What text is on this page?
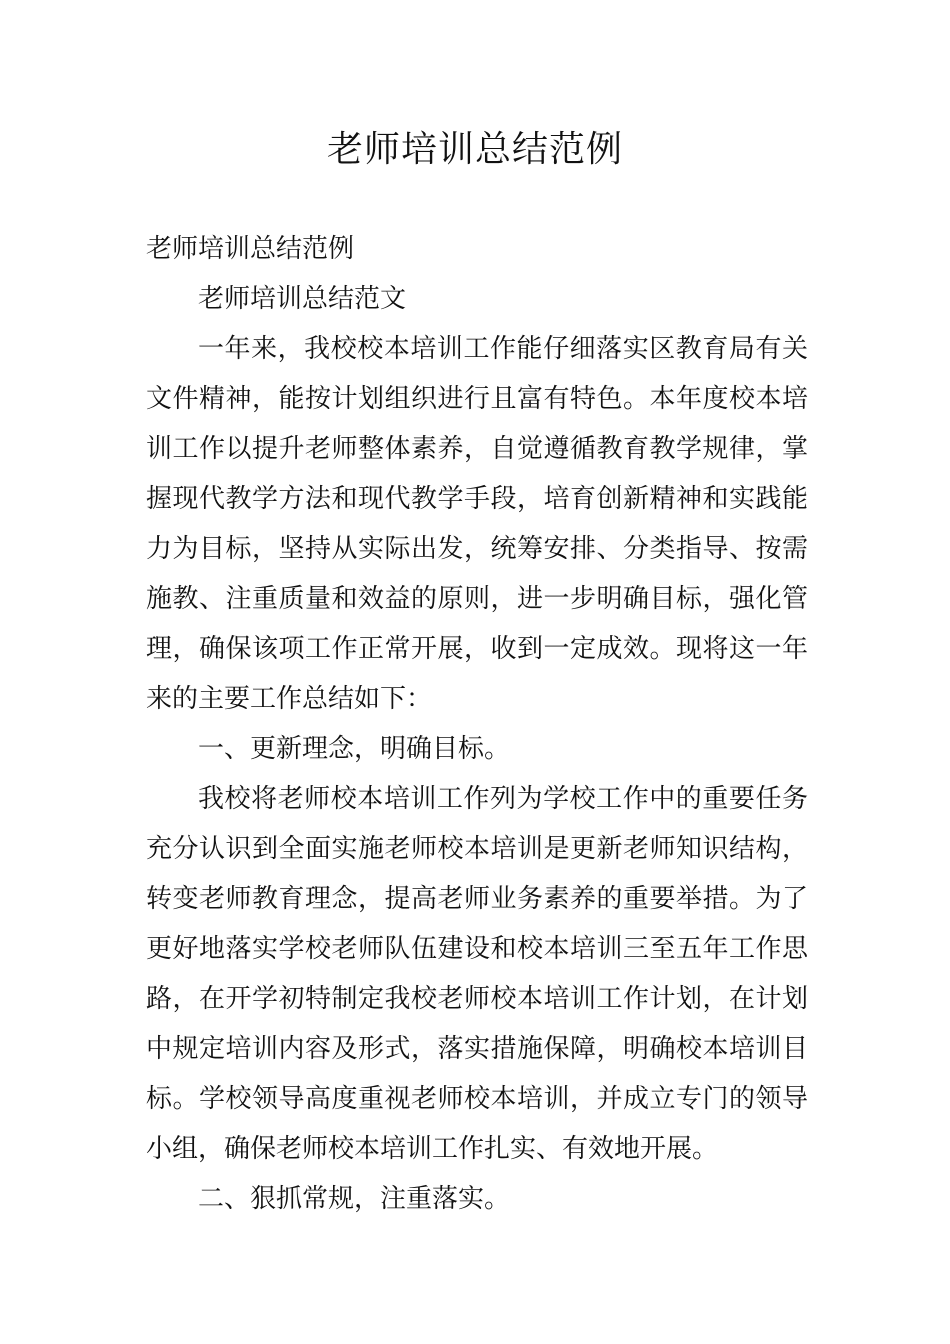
老师培训总结范例

老师培训总结范例

老师培训总结范文

一年来，我校校本培训工作能仔细落实区教育局有关文件精神，能按计划组织进行且富有特色。本年度校本培训工作以提升老师整体素养，自觉遵循教育教学规律，掌握现代教学方法和现代教学手段，培育创新精神和实践能力为目标，坚持从实际出发，统筹安排、分类指导、按需施教、注重质量和效益的原则，进一步明确目标，强化管理，确保该项工作正常开展，收到一定成效。现将这一年来的主要工作总结如下：

一、更新理念，明确目标。

我校将老师校本培训工作列为学校工作中的重要任务充分认识到全面实施老师校本培训是更新老师知识结构，转变老师教育理念，提高老师业务素养的重要举措。为了更好地落实学校老师队伍建设和校本培训三至五年工作思路，在开学初特制定我校老师校本培训工作计划，在计划中规定培训内容及形式，落实措施保障，明确校本培训目标。学校领导高度重视老师校本培训，并成立专门的领导小组，确保老师校本培训工作扎实、有效地开展。

二、狠抓常规，注重落实。
